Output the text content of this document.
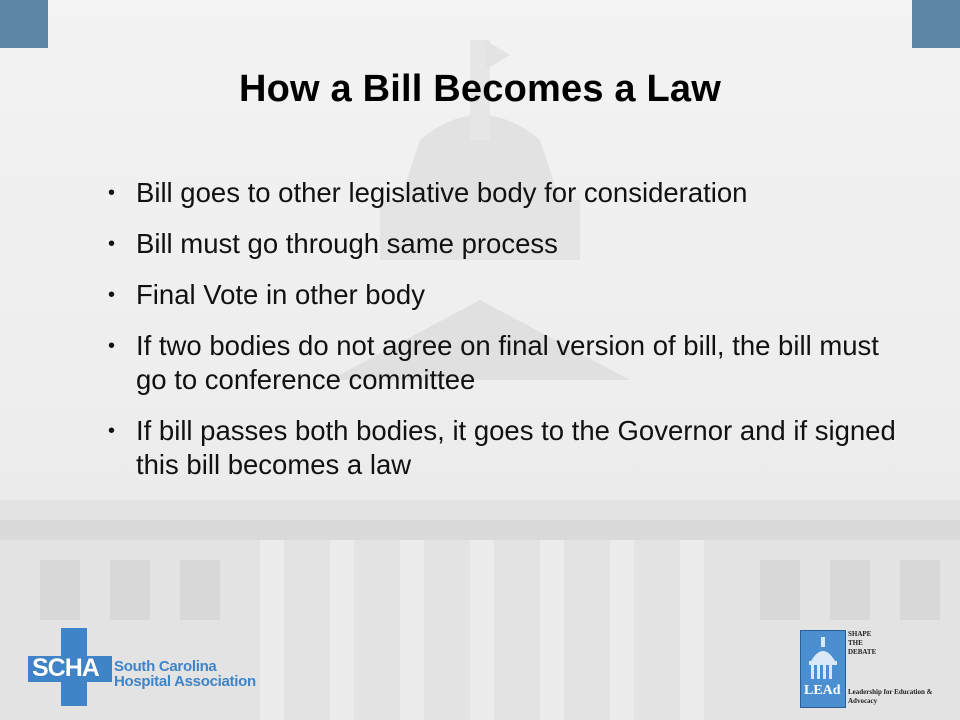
How a Bill Becomes a Law
• Bill goes to other legislative body for consideration
• Bill must go through same process
• Final Vote in other body
• If two bodies do not agree on final version of bill, the bill must go to conference committee
• If bill passes both bodies, it goes to the Governor and if signed this bill becomes a law
SCHA South Carolina
Hospital Association
LEAd
SHAPE
THE
DEBATE
Leadership for Education & Advocacy
